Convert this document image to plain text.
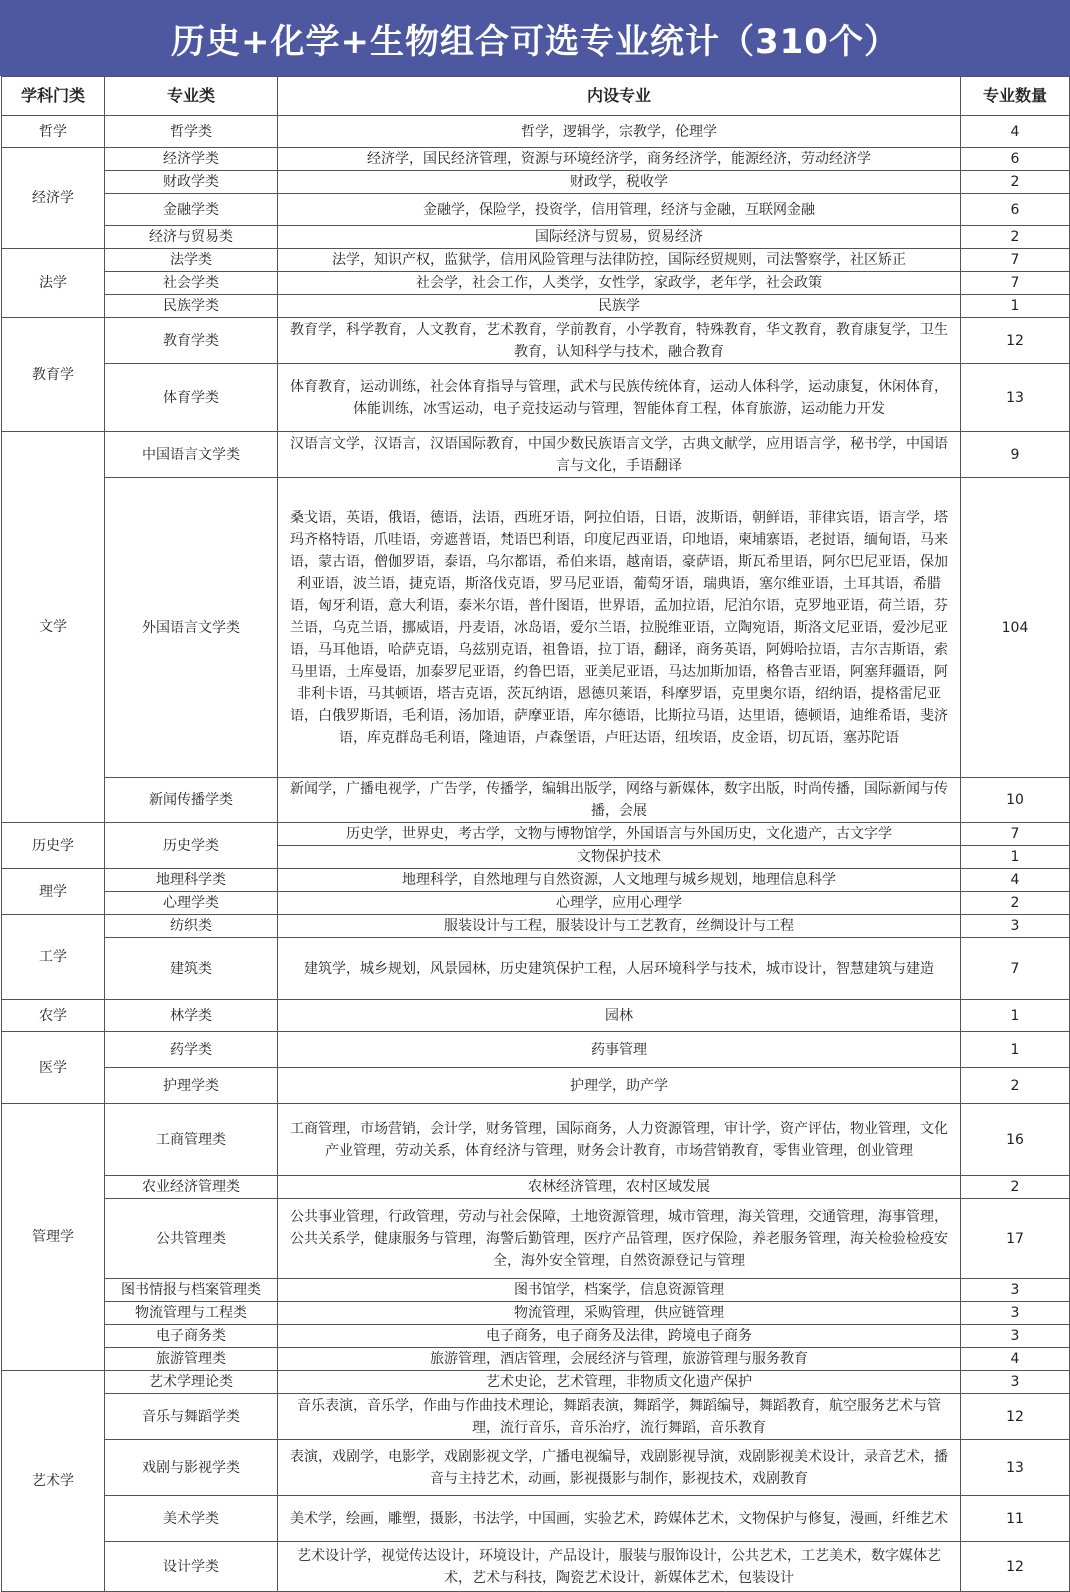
历史+化学+生物组合可选专业统计（310个）
学科门类	专业类	内设专业	专业数量
哲学	哲学类	哲学，逻辑学，宗教学，伦理学	4
经济学	经济学类	经济学，国民经济管理，资源与环境经济学，商务经济学，能源经济，劳动经济学	6
	财政学类	财政学，税收学	2
	金融学类	金融学，保险学，投资学，信用管理，经济与金融，互联网金融	6
	经济与贸易类	国际经济与贸易，贸易经济	2
法学	法学类	法学，知识产权，监狱学，信用风险管理与法律防控，国际经贸规则，司法警察学，社区矫正	7
	社会学类	社会学，社会工作，人类学，女性学，家政学，老年学，社会政策	7
	民族学类	民族学	1
教育学	教育学类	教育学，科学教育，人文教育，艺术教育，学前教育，小学教育，特殊教育，华文教育，教育康复学，卫生教育，认知科学与技术，融合教育	12
	体育学类	体育教育，运动训练，社会体育指导与管理，武术与民族传统体育，运动人体科学，运动康复，休闲体育，体能训练，冰雪运动，电子竞技运动与管理，智能体育工程，体育旅游，运动能力开发	13
文学	中国语言文学类	汉语言文学，汉语言，汉语国际教育，中国少数民族语言文学，古典文献学，应用语言学，秘书学，中国语言与文化，手语翻译	9
	外国语言文学类	桑戈语，英语，俄语，德语，法语，西班牙语，阿拉伯语，日语，波斯语，朝鲜语，菲律宾语，语言学，塔玛齐格特语，爪哇语，旁遮普语，梵语巴利语，印度尼西亚语，印地语，柬埔寨语，老挝语，缅甸语，马来语，蒙古语，僧伽罗语，泰语，乌尔都语，希伯来语，越南语，豪萨语，斯瓦希里语，阿尔巴尼亚语，保加利亚语，波兰语，捷克语，斯洛伐克语，罗马尼亚语，葡萄牙语，瑞典语，塞尔维亚语，土耳其语，希腊语，匈牙利语，意大利语，泰米尔语，普什图语，世界语，孟加拉语，尼泊尔语，克罗地亚语，荷兰语，芬兰语，乌克兰语，挪威语，丹麦语，冰岛语，爱尔兰语，拉脱维亚语，立陶宛语，斯洛文尼亚语，爱沙尼亚语，马耳他语，哈萨克语，乌兹别克语，祖鲁语，拉丁语，翻译，商务英语，阿姆哈拉语，吉尔吉斯语，索马里语，土库曼语，加泰罗尼亚语，约鲁巴语，亚美尼亚语，马达加斯加语，格鲁吉亚语，阿塞拜疆语，阿非利卡语，马其顿语，塔吉克语，茨瓦纳语，恩德贝莱语，科摩罗语，克里奥尔语，绍纳语，提格雷尼亚语，白俄罗斯语，毛利语，汤加语，萨摩亚语，库尔德语，比斯拉马语，达里语，德顿语，迪维希语，斐济语，库克群岛毛利语，隆迪语，卢森堡语，卢旺达语，纽埃语，皮金语，切瓦语，塞苏陀语	104
	新闻传播学类	新闻学，广播电视学，广告学，传播学，编辑出版学，网络与新媒体，数字出版，时尚传播，国际新闻与传播，会展	10
历史学	历史学类	历史学，世界史，考古学，文物与博物馆学，外国语言与外国历史，文化遗产，古文字学	7
		文物保护技术	1
理学	地理科学类	地理科学，自然地理与自然资源，人文地理与城乡规划，地理信息科学	4
	心理学类	心理学，应用心理学	2
工学	纺织类	服装设计与工程，服装设计与工艺教育，丝绸设计与工程	3
	建筑类	建筑学，城乡规划，风景园林，历史建筑保护工程，人居环境科学与技术，城市设计，智慧建筑与建造	7
农学	林学类	园林	1
医学	药学类	药事管理	1
	护理学类	护理学，助产学	2
管理学	工商管理类	工商管理，市场营销，会计学，财务管理，国际商务，人力资源管理，审计学，资产评估，物业管理，文化产业管理，劳动关系，体育经济与管理，财务会计教育，市场营销教育，零售业管理，创业管理	16
	农业经济管理类	农林经济管理，农村区域发展	2
	公共管理类	公共事业管理，行政管理，劳动与社会保障，土地资源管理，城市管理，海关管理，交通管理，海事管理，公共关系学，健康服务与管理，海警后勤管理，医疗产品管理，医疗保险，养老服务管理，海关检验检疫安全，海外安全管理，自然资源登记与管理	17
	图书情报与档案管理类	图书馆学，档案学，信息资源管理	3
	物流管理与工程类	物流管理，采购管理，供应链管理	3
	电子商务类	电子商务，电子商务及法律，跨境电子商务	3
	旅游管理类	旅游管理，酒店管理，会展经济与管理，旅游管理与服务教育	4
艺术学	艺术学理论类	艺术史论，艺术管理，非物质文化遗产保护	3
	音乐与舞蹈学类	音乐表演，音乐学，作曲与作曲技术理论，舞蹈表演，舞蹈学，舞蹈编导，舞蹈教育，航空服务艺术与管理，流行音乐，音乐治疗，流行舞蹈，音乐教育	12
	戏剧与影视学类	表演，戏剧学，电影学，戏剧影视文学，广播电视编导，戏剧影视导演，戏剧影视美术设计，录音艺术，播音与主持艺术，动画，影视摄影与制作，影视技术，戏剧教育	13
	美术学类	美术学，绘画，雕塑，摄影，书法学，中国画，实验艺术，跨媒体艺术，文物保护与修复，漫画，纤维艺术	11
	设计学类	艺术设计学，视觉传达设计，环境设计，产品设计，服装与服饰设计，公共艺术，工艺美术，数字媒体艺术，艺术与科技，陶瓷艺术设计，新媒体艺术，包装设计	12
